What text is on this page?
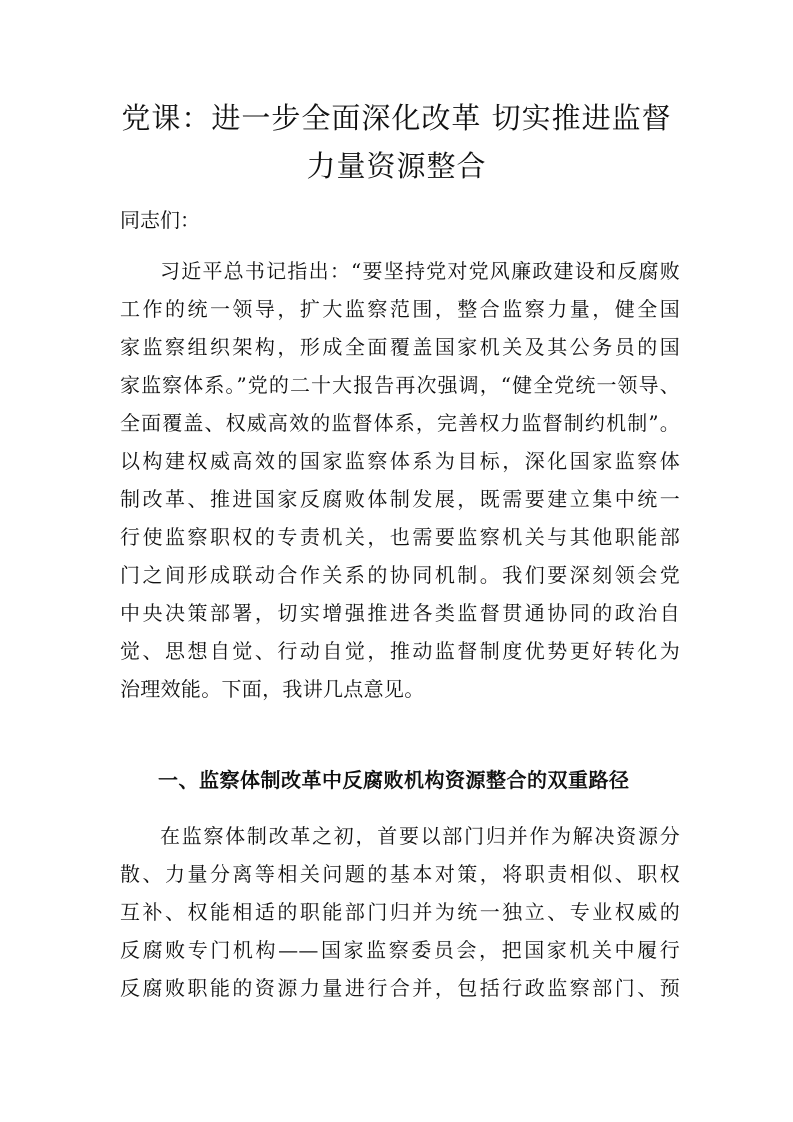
党课：进一步全面深化改革 切实推进监督
力量资源整合

同志们：

习近平总书记指出：“要坚持党对党风廉政建设和反腐败
工作的统一领导，扩大监察范围，整合监察力量，健全国
家监察组织架构，形成全面覆盖国家机关及其公务员的国
家监察体系。”党的二十大报告再次强调，“健全党统一领导、
全面覆盖、权威高效的监督体系，完善权力监督制约机制”。
以构建权威高效的国家监察体系为目标，深化国家监察体
制改革、推进国家反腐败体制发展，既需要建立集中统一
行使监察职权的专责机关，也需要监察机关与其他职能部
门之间形成联动合作关系的协同机制。我们要深刻领会党
中央决策部署，切实增强推进各类监督贯通协同的政治自
觉、思想自觉、行动自觉，推动监督制度优势更好转化为
治理效能。下面，我讲几点意见。
一、监察体制改革中反腐败机构资源整合的双重路径
在监察体制改革之初，首要以部门归并作为解决资源分
散、力量分离等相关问题的基本对策，将职责相似、职权
互补、权能相适的职能部门归并为统一独立、专业权威的
反腐败专门机构——国家监察委员会，把国家机关中履行
反腐败职能的资源力量进行合并，包括行政监察部门、预
